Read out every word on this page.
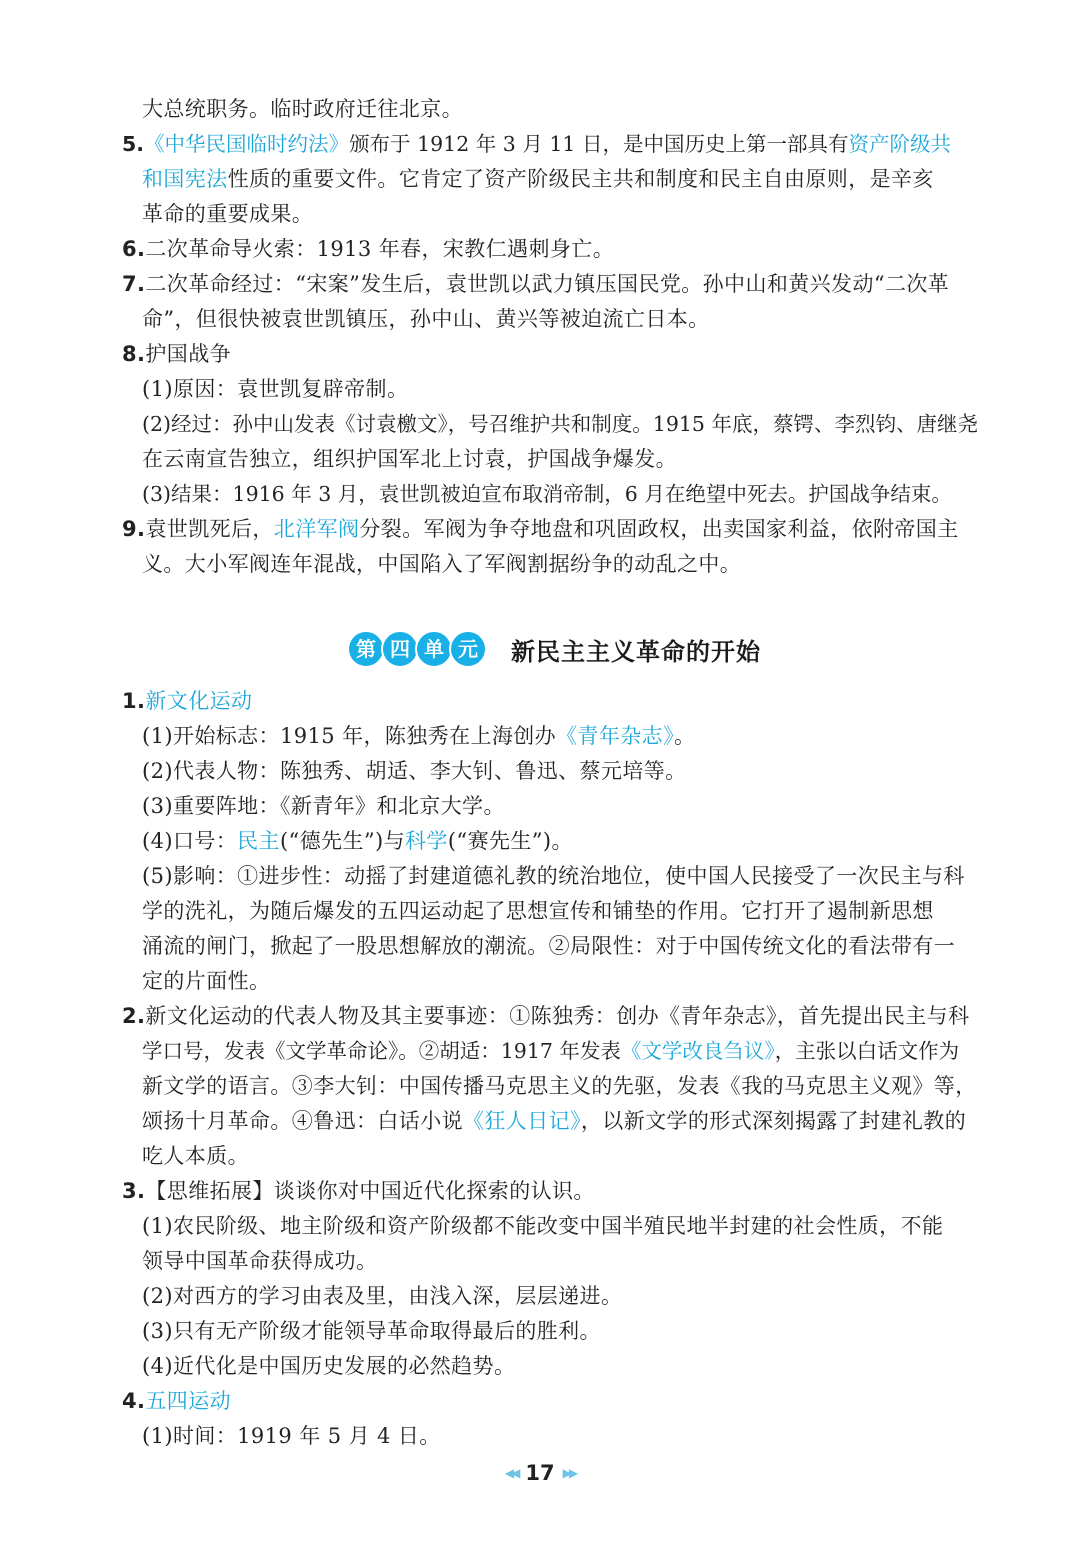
大总统职务。临时政府迁往北京。
5.《中华民国临时约法》颁布于 1912 年 3 月 11 日，是中国历史上第一部具有资产阶级共
和国宪法性质的重要文件。它肯定了资产阶级民主共和制度和民主自由原则，是辛亥
革命的重要成果。
6.二次革命导火索：1913 年春，宋教仁遇刺身亡。
7.二次革命经过：“宋案”发生后，袁世凯以武力镇压国民党。孙中山和黄兴发动“二次革
命”，但很快被袁世凯镇压，孙中山、黄兴等被迫流亡日本。
8.护国战争
(1)原因：袁世凯复辟帝制。
(2)经过：孙中山发表《讨袁檄文》，号召维护共和制度。1915 年底，蔡锷、李烈钧、唐继尧
在云南宣告独立，组织护国军北上讨袁，护国战争爆发。
(3)结果：1916 年 3 月，袁世凯被迫宣布取消帝制，6 月在绝望中死去。护国战争结束。
9.袁世凯死后，北洋军阀分裂。军阀为争夺地盘和巩固政权，出卖国家利益，依附帝国主
义。大小军阀连年混战，中国陷入了军阀割据纷争的动乱之中。
第 四 单 元	新民主主义革命的开始
1.新文化运动
(1)开始标志：1915 年，陈独秀在上海创办《青年杂志》。
(2)代表人物：陈独秀、胡适、李大钊、鲁迅、蔡元培等。
(3)重要阵地：《新青年》和北京大学。
(4)口号：民主(“德先生”)与科学(“赛先生”)。
(5)影响：①进步性：动摇了封建道德礼教的统治地位，使中国人民接受了一次民主与科
学的洗礼，为随后爆发的五四运动起了思想宣传和铺垫的作用。它打开了遏制新思想
涌流的闸门，掀起了一股思想解放的潮流。②局限性：对于中国传统文化的看法带有一
定的片面性。
2.新文化运动的代表人物及其主要事迹：①陈独秀：创办《青年杂志》，首先提出民主与科
学口号，发表《文学革命论》。②胡适：1917 年发表《文学改良刍议》，主张以白话文作为
新文学的语言。③李大钊：中国传播马克思主义的先驱，发表《我的马克思主义观》等，
颂扬十月革命。④鲁迅：白话小说《狂人日记》，以新文学的形式深刻揭露了封建礼教的
吃人本质。
3.【思维拓展】谈谈你对中国近代化探索的认识。
(1)农民阶级、地主阶级和资产阶级都不能改变中国半殖民地半封建的社会性质，不能
领导中国革命获得成功。
(2)对西方的学习由表及里，由浅入深，层层递进。
(3)只有无产阶级才能领导革命取得最后的胜利。
(4)近代化是中国历史发展的必然趋势。
4.五四运动
(1)时间：1919 年 5 月 4 日。
◀◀ 17 ▶▶
